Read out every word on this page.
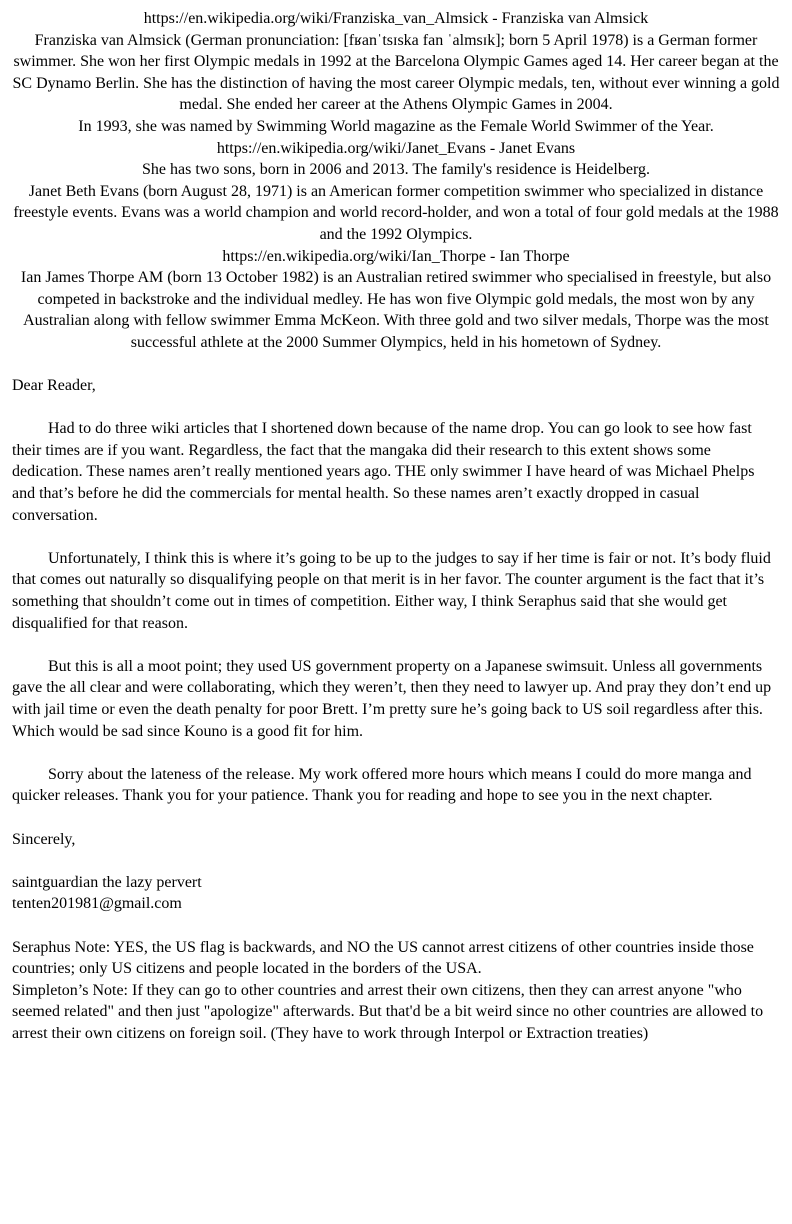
https://en.wikipedia.org/wiki/Franziska_van_Almsick - Franziska van Almsick

Franziska van Almsick (German pronunciation: [fʁanˈtsɪska fan ˈalmsɪk]; born 5 April 1978) is a German former swimmer. She won her first Olympic medals in 1992 at the Barcelona Olympic Games aged 14. Her career began at the SC Dynamo Berlin. She has the distinction of having the most career Olympic medals, ten, without ever winning a gold medal. She ended her career at the Athens Olympic Games in 2004.

In 1993, she was named by Swimming World magazine as the Female World Swimmer of the Year.

https://en.wikipedia.org/wiki/Janet_Evans - Janet Evans

She has two sons, born in 2006 and 2013. The family's residence is Heidelberg.

Janet Beth Evans (born August 28, 1971) is an American former competition swimmer who specialized in distance freestyle events. Evans was a world champion and world record-holder, and won a total of four gold medals at the 1988 and the 1992 Olympics.

https://en.wikipedia.org/wiki/Ian_Thorpe - Ian Thorpe

Ian James Thorpe AM (born 13 October 1982) is an Australian retired swimmer who specialised in freestyle, but also competed in backstroke and the individual medley. He has won five Olympic gold medals, the most won by any Australian along with fellow swimmer Emma McKeon. With three gold and two silver medals, Thorpe was the most successful athlete at the 2000 Summer Olympics, held in his hometown of Sydney.

Dear Reader,

Had to do three wiki articles that I shortened down because of the name drop. You can go look to see how fast their times are if you want. Regardless, the fact that the mangaka did their research to this extent shows some dedication. These names aren’t really mentioned years ago. THE only swimmer I have heard of was Michael Phelps and that’s before he did the commercials for mental health. So these names aren’t exactly dropped in casual conversation.

Unfortunately, I think this is where it’s going to be up to the judges to say if her time is fair or not. It’s body fluid that comes out naturally so disqualifying people on that merit is in her favor. The counter argument is the fact that it’s something that shouldn’t come out in times of competition. Either way, I think Seraphus said that she would get disqualified for that reason.

But this is all a moot point; they used US government property on a Japanese swimsuit. Unless all governments gave the all clear and were collaborating, which they weren’t, then they need to lawyer up. And pray they don’t end up with jail time or even the death penalty for poor Brett. I’m pretty sure he’s going back to US soil regardless after this. Which would be sad since Kouno is a good fit for him.

Sorry about the lateness of the release. My work offered more hours which means I could do more manga and quicker releases. Thank you for your patience. Thank you for reading and hope to see you in the next chapter.

Sincerely,

saintguardian the lazy pervert

tenten201981@gmail.com

Seraphus Note: YES, the US flag is backwards, and NO the US cannot arrest citizens of other countries inside those countries; only US citizens and people located in the borders of the USA.

Simpleton’s Note: If they can go to other countries and arrest their own citizens, then they can arrest anyone "who seemed related" and then just "apologize" afterwards. But that'd be a bit weird since no other countries are allowed to arrest their own citizens on foreign soil. (They have to work through Interpol or Extraction treaties)
